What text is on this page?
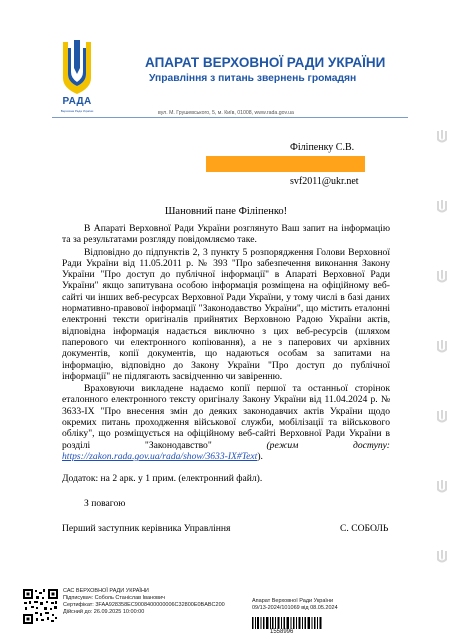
РАДА
Верховна Рада України
АПАРАТ ВЕРХОВНОЇ РАДИ УКРАЇНИ
Управління з питань звернень громадян
вул. М. Грушевського, 5, м. Київ, 01008, www.rada.gov.ua
Філіпенку С.В.
svf2011@ukr.net
Шановний пане Філіпенко!

В Апараті Верховної Ради України розглянуто Ваш запит на інформацію та за результатами розгляду повідомляємо таке.

Відповідно до підпунктів 2, 3 пункту 5 розпорядження Голови Верховної Ради України від 11.05.2011 р. № 393 "Про забезпечення виконання Закону України "Про доступ до публічної інформації" в Апараті Верховної Ради України" якщо запитувана особою інформація розміщена на офіційному веб-сайті чи інших веб-ресурсах Верховної Ради України, у тому числі в базі даних нормативно-правової інформації "Законодавство України", що містить еталонні електронні тексти оригіналів прийнятих Верховною Радою України актів, відповідна інформація надається виключно з цих веб-ресурсів (шляхом паперового чи електронного копіювання), а не з паперових чи архівних документів, копії документів, що надаються особам за запитами на інформацію, відповідно до Закону України "Про доступ до публічної інформації" не підлягають засвідченню чи завіренню.

Враховуючи викладене надаємо копії першої та останньої сторінок еталонного електронного тексту оригіналу Закону України від 11.04.2024 р. № 3633-IX "Про внесення змін до деяких законодавчих актів України щодо окремих питань проходження військової служби, мобілізації та військового обліку", що розміщується на офіційному веб-сайті Верховної Ради України в розділі "Законодавство"	(режим доступу: https://zakon.rada.gov.ua/rada/show/3633-IX#Text).

Додаток: на 2 арк. у 1 прим. (електронний файл).
З повагою
Перший заступник керівника Управління	С. СОБОЛЬ
САС ВЕРХОВНОЇ РАДИ УКРАЇНИ
Підписувач: Соболь Станіслав Іванович
Сертифікат: 3FAA928358EC9008400000006C32800E0BABC200
Дійсний до: 26.09.2025 10:00:00
Апарат Верховної Ради України
09/13-2024/101069 від 08.05.2024
1558996
